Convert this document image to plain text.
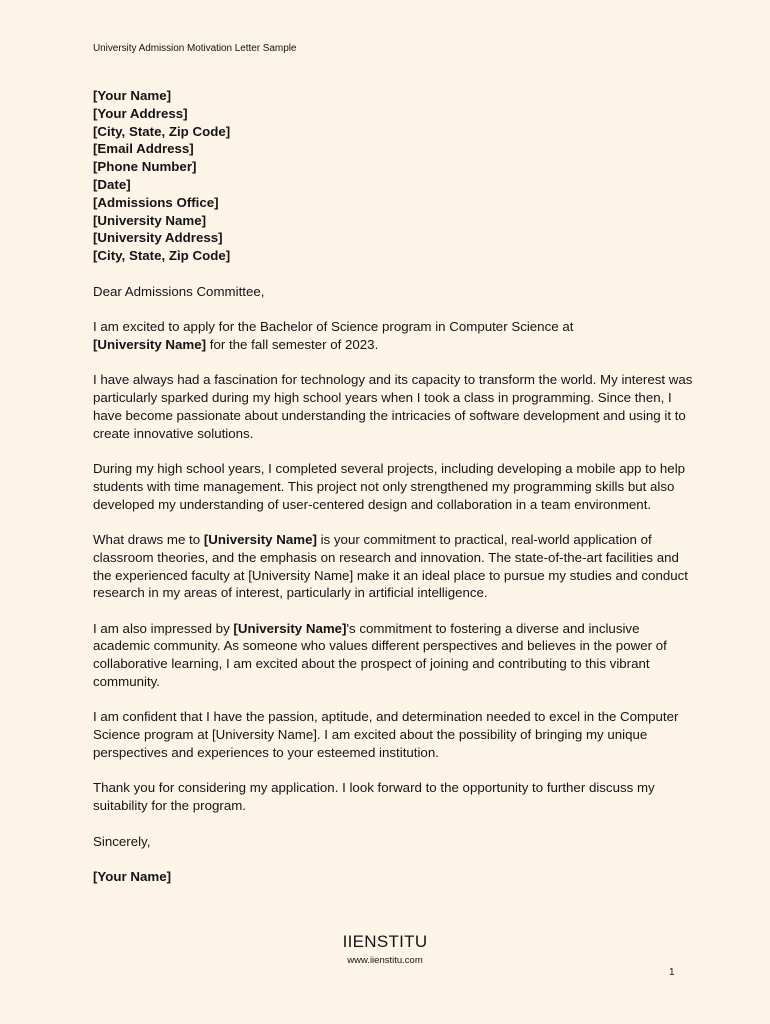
University Admission Motivation Letter Sample
[Your Name]
[Your Address]
[City, State, Zip Code]
[Email Address]
[Phone Number]
[Date]
[Admissions Office]
[University Name]
[University Address]
[City, State, Zip Code]

Dear Admissions Committee,

I am excited to apply for the Bachelor of Science program in Computer Science at
[University Name] for the fall semester of 2023.

I have always had a fascination for technology and its capacity to transform the world. My interest was particularly sparked during my high school years when I took a class in programming. Since then, I have become passionate about understanding the intricacies of software development and using it to create innovative solutions.

During my high school years, I completed several projects, including developing a mobile app to help students with time management. This project not only strengthened my programming skills but also developed my understanding of user-centered design and collaboration in a team environment.

What draws me to [University Name] is your commitment to practical, real-world application of classroom theories, and the emphasis on research and innovation. The state-of-the-art facilities and the experienced faculty at [University Name] make it an ideal place to pursue my studies and conduct research in my areas of interest, particularly in artificial intelligence.

I am also impressed by [University Name]'s commitment to fostering a diverse and inclusive academic community. As someone who values different perspectives and believes in the power of collaborative learning, I am excited about the prospect of joining and contributing to this vibrant community.

I am confident that I have the passion, aptitude, and determination needed to excel in the Computer Science program at [University Name]. I am excited about the possibility of bringing my unique perspectives and experiences to your esteemed institution.

Thank you for considering my application. I look forward to the opportunity to further discuss my suitability for the program.

Sincerely,

[Your Name]

IIENSTITU
www.iienstitu.com
1
